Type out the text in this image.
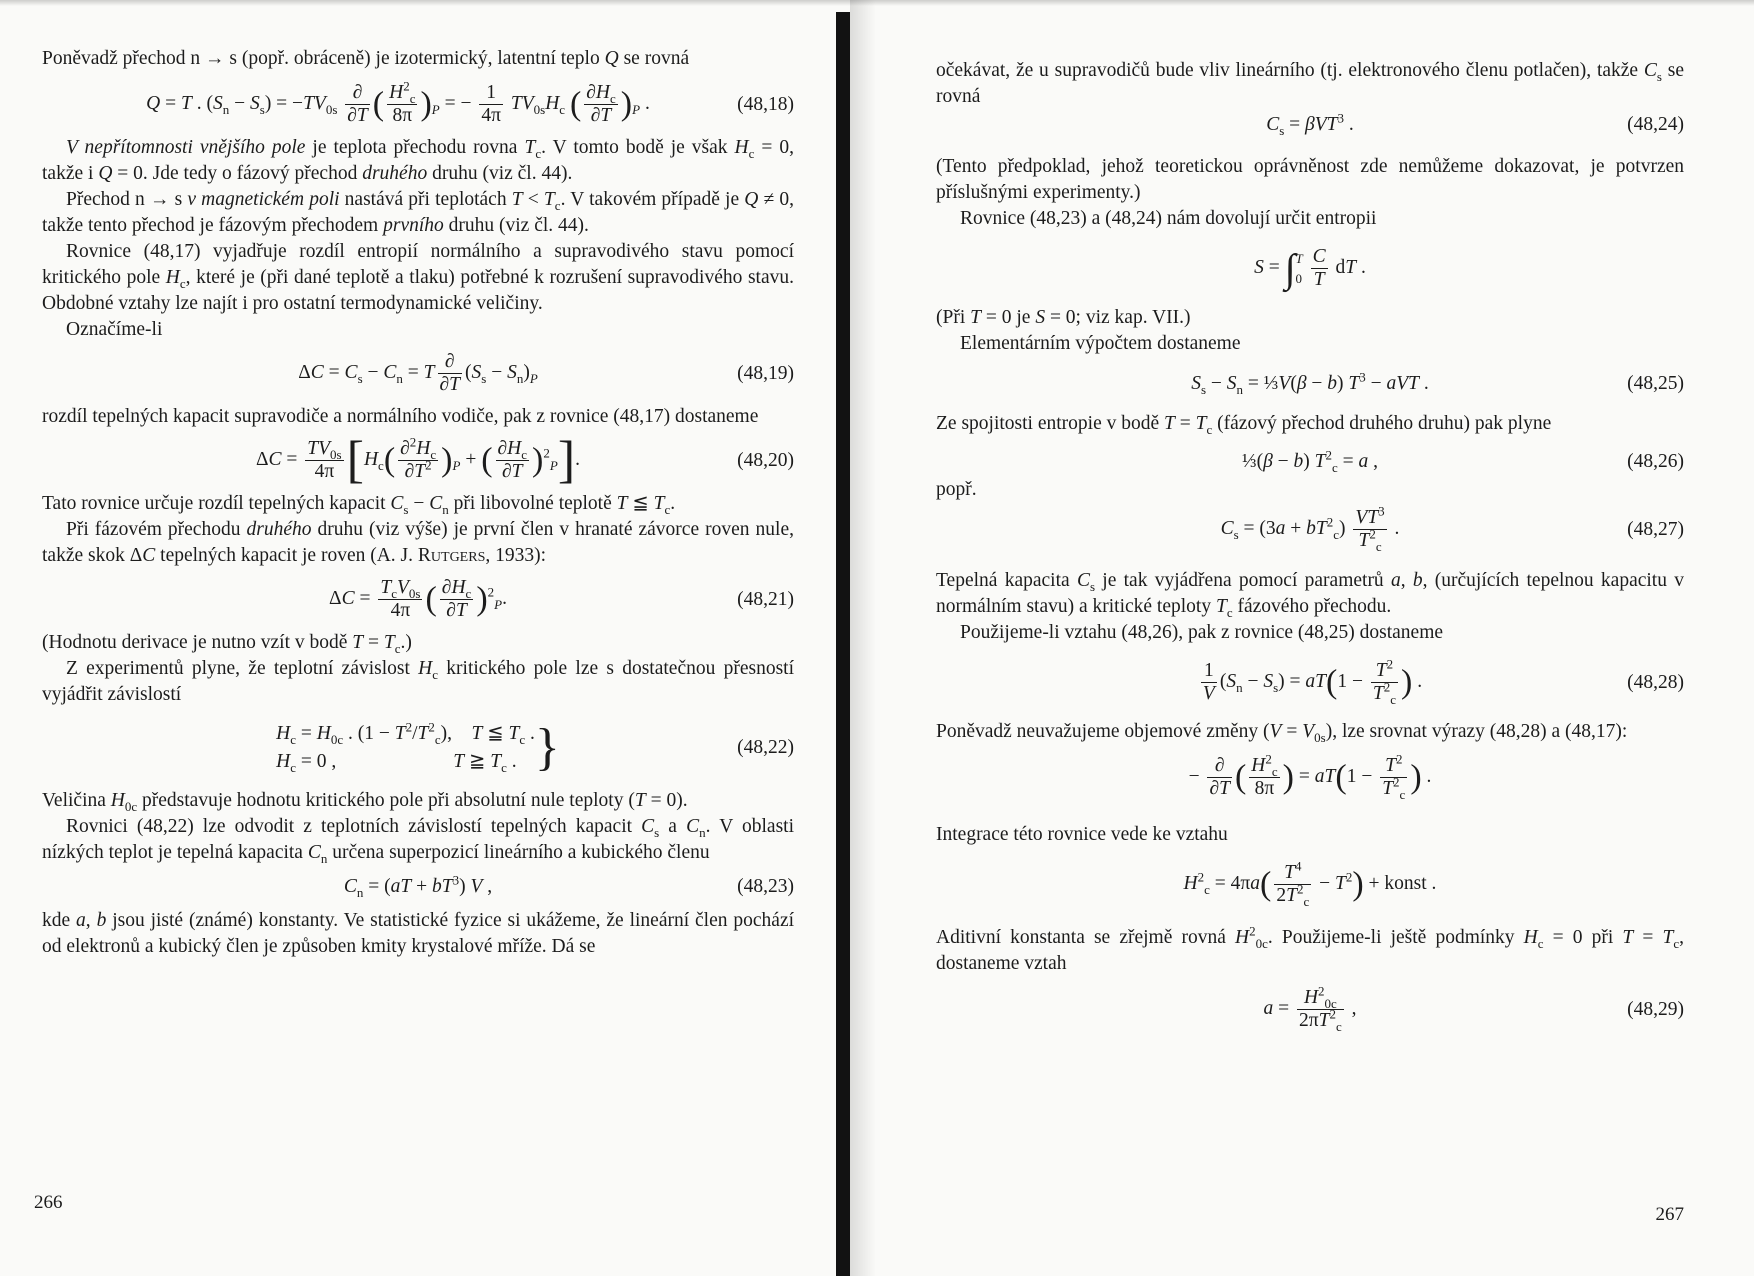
Poněvadž přechod n → s (popř. obráceně) je izotermický, latentní teplo Q se rovná

Q = T . $(S_n - S_s) = -TV_{0s}$
∂
∂T ( $\frac{H^2_c}{8\pi} )_P$ = − $\frac{1}{4\pi} TV_{0s}H_c$ ( $\frac{\partial H_c}{\partial T} )_P$ .	(48,18)

V nepřítomnosti vnějšího pole je teplota přechodu rovna $T_c$. V tomto bodě je však $H_c = 0$, takže i Q = 0. Jde tedy o fázový přechod druhého druhu (viz čl. 44).

Přechod n → s v magnetickém poli nastává při teplotách $T < T_c$. V takovém případě je Q ≠ 0, takže tento přechod je fázovým přechodem prvního druhu (viz čl. 44).

Rovnice (48,17) vyjadřuje rozdíl entropií normálního a supravodivého stavu pomocí kritického pole $H_c$, které je (při dané teplotě a tlaku) potřebné k rozrušení supravodivého stavu. Obdobné vztahy lze najít i pro ostatní termodynamické veličiny.

Označíme-li

$\Delta C = C_s - C_n = T$
∂
∂T
$(S_s - S_n)_P$	(48,19)

rozdíl tepelných kapacit supravodiče a normálního vodiče, pak z rovnice (48,17) dostaneme

$\Delta C = \frac{TV_{0s}}{4\pi} [H_c( \frac{\partial^2H_c}{\partial T^2} )_P$ + ( $\frac{\partial H_c}{\partial T} )^2_P$].	(48,20)

Tato rovnice určuje rozdíl tepelných kapacit $C_s - C_n$ při libovolné teplotě T ≦ $T_c$.

Při fázovém přechodu druhého druhu (viz výše) je první člen v hranaté závorce roven nule, takže skok ΔC tepelných kapacit je roven (A. J. Rutgers, 1933):

ΔC =
$T_cV_{0s}$
4π ( $\frac{\partial H_c}{\partial T} )^2_P$.	(48,21)

(Hodnotu derivace je nutno vzít v bodě $T = T_c$.)

Z experimentů plyne, že teplotní závislost $H_c$ kritického pole lze s dostatečnou přesností vyjádřit závislostí

$H_c = H_{0c}$ . $(1 - T^2/T^2_c)$,    T ≦ $T_c$ .
$H_c = 0$ ,                        T ≧ $T_c$ .}	(48,22)

Veličina $H_{0c}$ představuje hodnotu kritického pole při absolutní nule teploty (T = 0).

Rovnici (48,22) lze odvodit z teplotních závislostí tepelných kapacit $C_s$ a $C_n$. V oblasti nízkých teplot je tepelná kapacita $C_n$ určena superpozicí lineárního a kubického členu

$C_n = (aT + bT^3)$ V ,	(48,23)

kde a, b jsou jisté (známé) konstanty. Ve statistické fyzice si ukážeme, že lineární člen pochází od elektronů a kubický člen je způsoben kmity krystalové mříže. Dá se

266

očekávat, že u supravodičů bude vliv lineárního (tj. elektronového členu potlačen), takže $C_s$ se rovná

$C_s = \beta VT^3$ .	(48,24)

(Tento předpoklad, jehož teoretickou oprávněnost zde nemůžeme dokazovat, je potvrzen příslušnými experimenty.)

Rovnice (48,23) a (48,24) nám dovolují určit entropii

S = ∫T
$0 \frac{C}{T}$ dT .

(Při T = 0 je S = 0; viz kap. VII.)

Elementárním výpočtem dostaneme

$S_s - S_n$ = ⅓V(β − b) $T^3$ − aVT .	(48,25)

Ze spojitosti entropie v bodě $T = T_c$ (fázový přechod druhého druhu) pak plyne

⅓(β − b) $T^2_c = a$ ,	(48,26)

popř.

$C_s = (3a + bT^2_c) \frac{VT^3}{T^2_c}$ .	(48,27)

Tepelná kapacita $C_s$ je tak vyjádřena pomocí parametrů a, b, (určujících tepelnou kapacitu v normálním stavu) a kritické teploty $T_c$ fázového přechodu.

Použijeme-li vztahu (48,26), pak z rovnice (48,25) dostaneme

$\frac{1}{V} (S_n - S_s) = aT(1 - \frac{T^2}{T^2_c}$ ) .	(48,28)

Poněvadž neuvažujeme objemové změny $(V = V_{0s})$, lze srovnat výrazy (48,28) a (48,17):

−
∂
∂T ( $\frac{H^2_c}{8\pi}$ ) = $aT(1 - \frac{T^2}{T^2_c}$ ) .

Integrace této rovnice vede ke vztahu

$H^2_c = 4\pi a( \frac{T^4}{2T^2_c} - T^2)$ + konst .

Aditivní konstanta se zřejmě rovná $H^2_{0c}$. Použijeme-li ještě podmínky $H_c = 0$ při $T = T_c$, dostaneme vztah

$a = \frac{H^2_{0c}}{2\pi T^2_c}$ ,	(48,29)
267
